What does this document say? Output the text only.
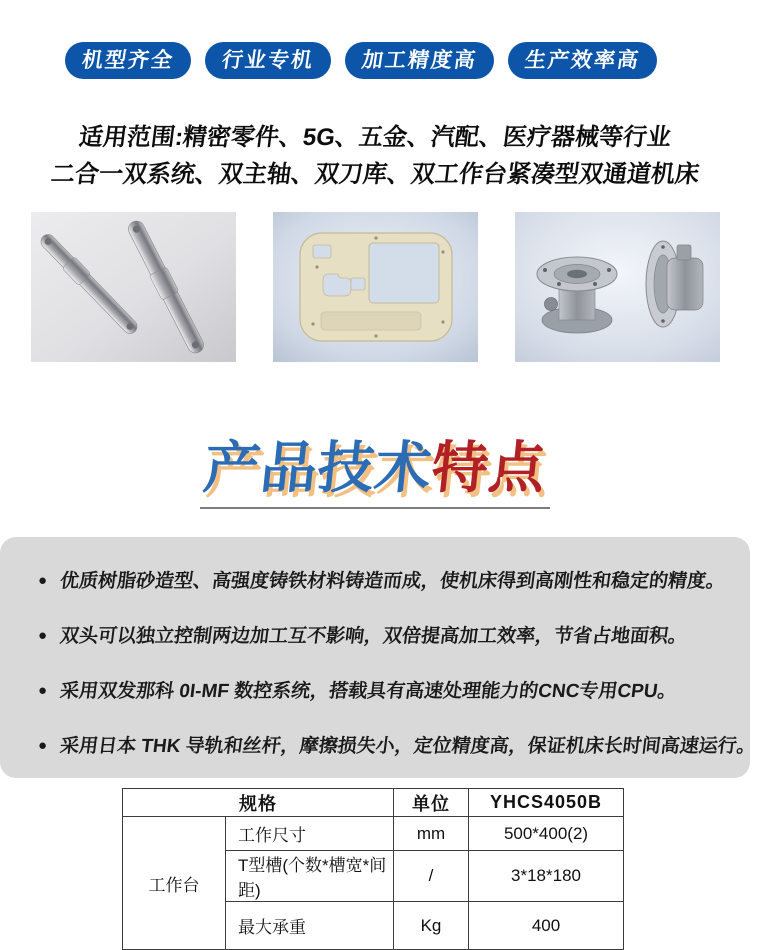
机型齐全	行业专机	加工精度高	生产效率高
适用范围:精密零件、5G、五金、汽配、医疗器械等行业
二合一双系统、双主轴、双刀库、双工作台紧凑型双通道机床
产品技术特点
● 优质树脂砂造型、高强度铸铁材料铸造而成，使机床得到高刚性和稳定的精度。
● 双头可以独立控制两边加工互不影响，双倍提高加工效率，节省占地面积。
● 采用双发那科 0I-MF 数控系统，搭载具有高速处理能力的CNC专用CPU。
● 采用日本 THK 导轨和丝杆，摩擦损失小，定位精度高，保证机床长时间高速运行。
规格		单位	YHCS4050B
工作台	工作尺寸	mm	500*400(2)
	T型槽(个数*槽宽*间距)	/	3*18*180
	最大承重	Kg	400
